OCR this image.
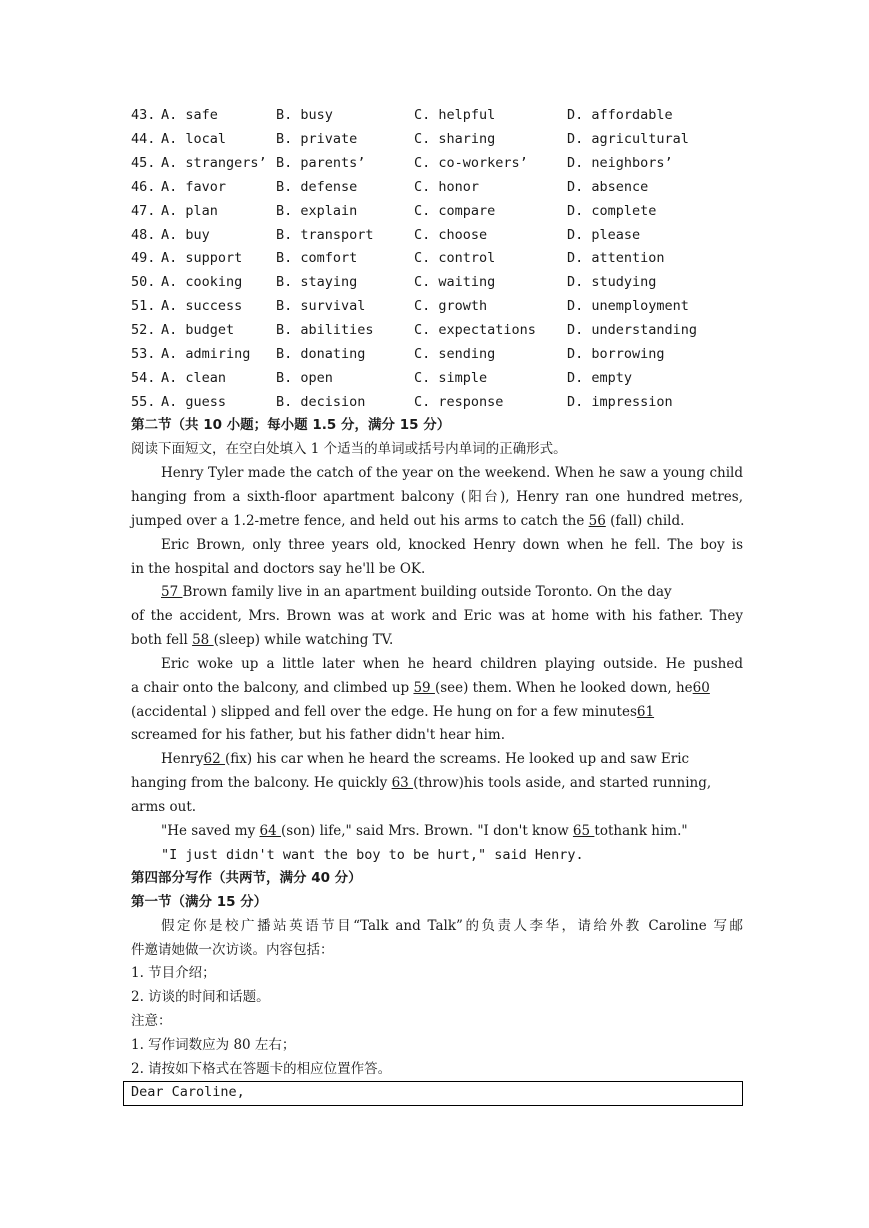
43. A. safe	B. busy	C. helpful	D. affordable
44. A. local	B. private	C. sharing	D. agricultural
45. A. strangers’ B. parents’	C. co-workers’	D. neighbors’
46. A. favor	B. defense	C. honor	D. absence
47. A. plan	B. explain	C. compare	D. complete
48. A. buy	B. transport	C. choose	D. please
49. A. support B. comfort	C. control	D. attention
50. A. cooking B. staying	C. waiting	D. studying
51. A. success B. survival	C. growth	D. unemployment
52. A. budget	B. abilities	C. expectations D. understanding
53. A. admiring B. donating	C. sending	D. borrowing
54. A. clean	B. open	C. simple	D. empty
55. A. guess	B. decision	C. response	D. impression
第二节（共 10 小题；每小题 1.5 分，满分 15 分）
阅读下面短文，在空白处填入 1 个适当的单词或括号内单词的正确形式。
Henry Tyler made the catch of the year on the weekend. When he saw a young child
hanging from a sixth-floor apartment balcony (阳台), Henry ran one hundred metres,
jumped over a 1.2-metre fence, and held out his arms to catch the 56 (fall) child.
Eric Brown, only three years old, knocked Henry down when he fell. The boy is
in the hospital and doctors say he'll be OK.
57 Brown family live in an apartment building outside Toronto. On the day
of the accident, Mrs. Brown was at work and Eric was at home with his father. They
both fell 58 (sleep) while watching TV.
Eric woke up a little later when he heard children playing outside. He pushed
a chair onto the balcony, and climbed up 59 (see) them. When he looked down, he60
(accidental ) slipped and fell over the edge. He hung on for a few minutes61
screamed for his father, but his father didn't hear him.
Henry62 (fix) his car when he heard the screams. He looked up and saw Eric
hanging from the balcony. He quickly 63 (throw)his tools aside, and started running,
arms out.
"He saved my 64 (son) life," said Mrs. Brown. "I don't know 65 tothank him."
"I just didn't want the boy to be hurt," said Henry.
第四部分写作（共两节，满分 40 分）
第一节（满分 15 分）
假定你是校广播站英语节目“Talk and Talk”的负责人李华，请给外教 Caroline 写邮
件邀请她做一次访谈。内容包括：
1. 节目介绍；
2. 访谈的时间和话题。
注意：
1. 写作词数应为 80 左右；
2. 请按如下格式在答题卡的相应位置作答。
Dear Caroline,
